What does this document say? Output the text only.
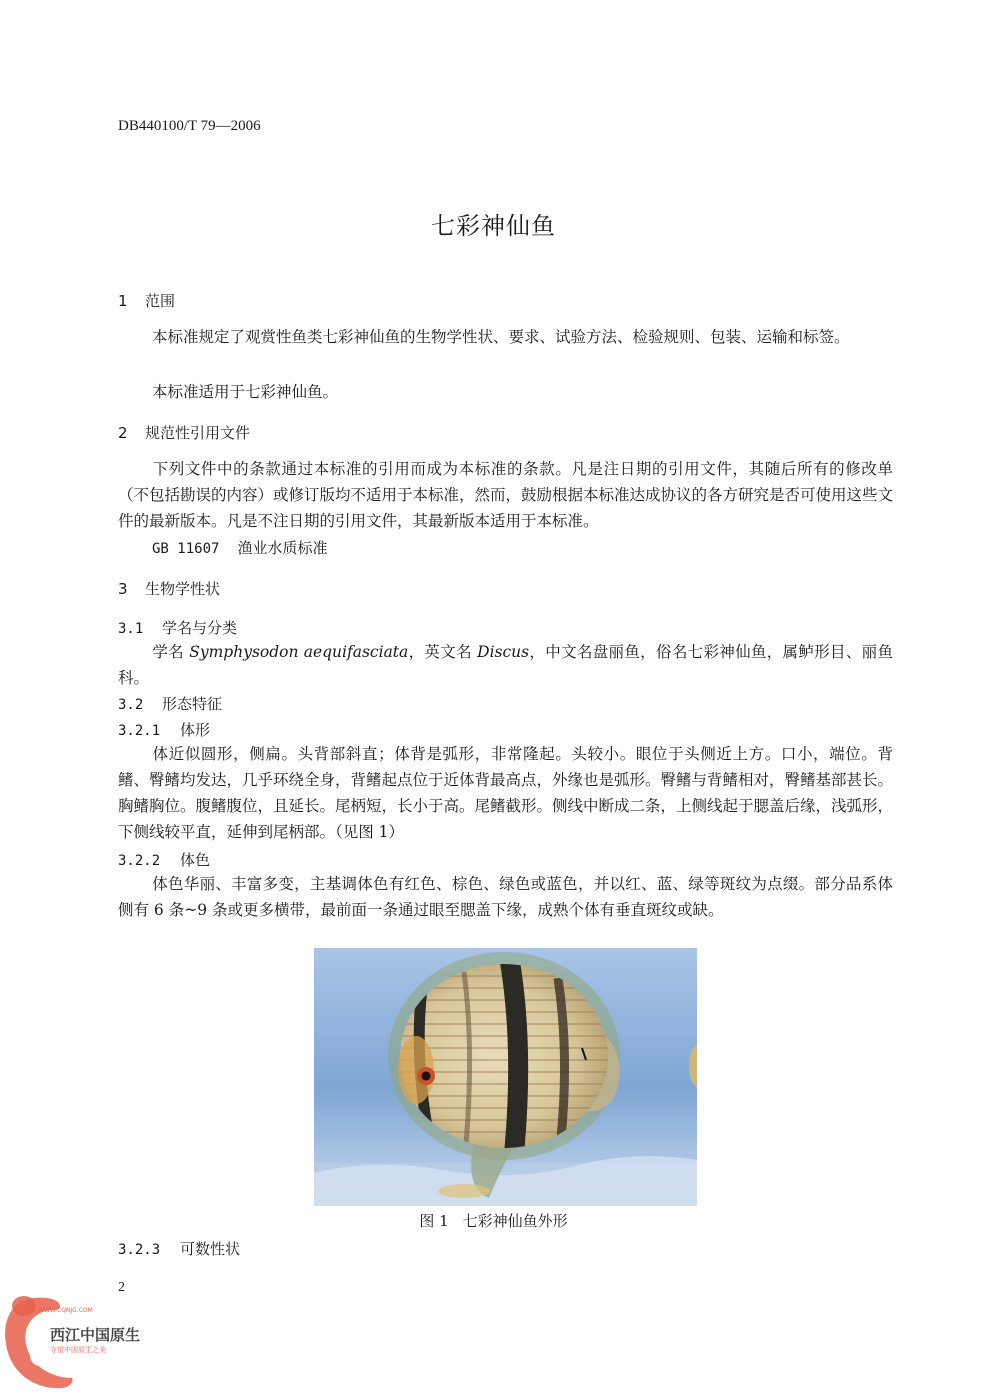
DB440100/T 79—2006
七彩神仙鱼
1 范围
本标准规定了观赏性鱼类七彩神仙鱼的生物学性状、要求、试验方法、检验规则、包装、运输和标签。
本标准适用于七彩神仙鱼。
2 规范性引用文件
下列文件中的条款通过本标准的引用而成为本标准的条款。凡是注日期的引用文件，其随后所有的修改单（不包括勘误的内容）或修订版均不适用于本标准，然而，鼓励根据本标准达成协议的各方研究是否可使用这些文件的最新版本。凡是不注日期的引用文件，其最新版本适用于本标准。
GB 11607 渔业水质标准
3 生物学性状
3.1 学名与分类
学名 Symphysodon aequifasciata，英文名 Discus，中文名盘丽鱼，俗名七彩神仙鱼，属鲈形目、丽鱼科。
3.2 形态特征
3.2.1 体形
体近似圆形，侧扁。头背部斜直；体背是弧形，非常隆起。头较小。眼位于头侧近上方。口小，端位。背鳍、臀鳍均发达，几乎环绕全身，背鳍起点位于近体背最高点，外缘也是弧形。臀鳍与背鳍相对，臀鳍基部甚长。胸鳍胸位。腹鳍腹位，且延长。尾柄短，长小于高。尾鳍截形。侧线中断成二条，上侧线起于腮盖后缘，浅弧形，下侧线较平直，延伸到尾柄部。（见图 1）
3.2.2 体色
体色华丽、丰富多变，主基调体色有红色、棕色、绿色或蓝色，并以红、蓝、绿等斑纹为点缀。部分品系体侧有 6 条~9 条或更多横带，最前面一条通过眼至腮盖下缘，成熟个体有垂直斑纹或缺。
图 1 七彩神仙鱼外形
3.2.3 可数性状
2
WWW.CQNJG.COM
西江中国原生
守望中国原生之美
